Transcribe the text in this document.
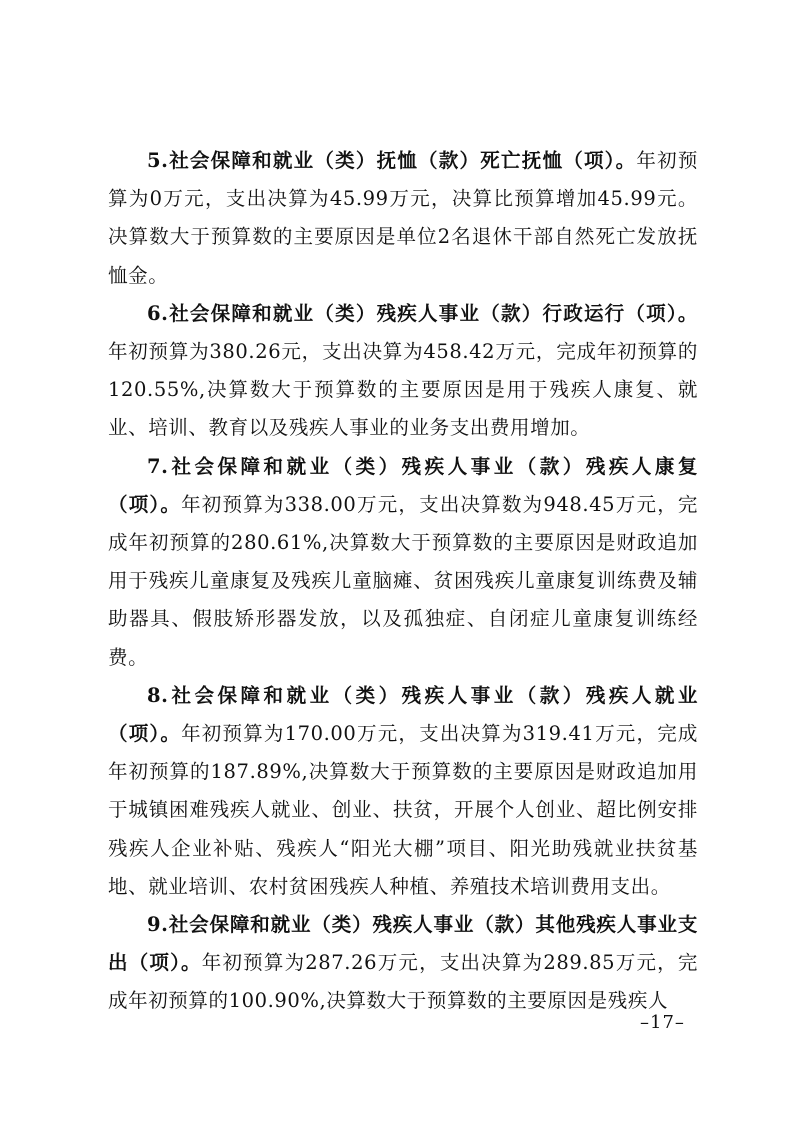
5.社会保障和就业（类）抚恤（款）死亡抚恤（项）。年初预算为0万元，支出决算为45.99万元，决算比预算增加45.99元。决算数大于预算数的主要原因是单位2名退休干部自然死亡发放抚恤金。

6.社会保障和就业（类）残疾人事业（款）行政运行（项）。年初预算为380.26元，支出决算为458.42万元，完成年初预算的120.55%,决算数大于预算数的主要原因是用于残疾人康复、就业、培训、教育以及残疾人事业的业务支出费用增加。

7.社会保障和就业（类）残疾人事业（款）残疾人康复（项）。年初预算为338.00万元，支出决算数为948.45万元，完成年初预算的280.61%,决算数大于预算数的主要原因是财政追加用于残疾儿童康复及残疾儿童脑瘫、贫困残疾儿童康复训练费及辅助器具、假肢矫形器发放，以及孤独症、自闭症儿童康复训练经费。

8.社会保障和就业（类）残疾人事业（款）残疾人就业（项）。年初预算为170.00万元，支出决算为319.41万元，完成年初预算的187.89%,决算数大于预算数的主要原因是财政追加用于城镇困难残疾人就业、创业、扶贫，开展个人创业、超比例安排残疾人企业补贴、残疾人“阳光大棚”项目、阳光助残就业扶贫基地、就业培训、农村贫困残疾人种植、养殖技术培训费用支出。

9.社会保障和就业（类）残疾人事业（款）其他残疾人事业支出（项）。年初预算为287.26万元，支出决算为289.85万元，完成年初预算的100.90%,决算数大于预算数的主要原因是残疾人

–17–
